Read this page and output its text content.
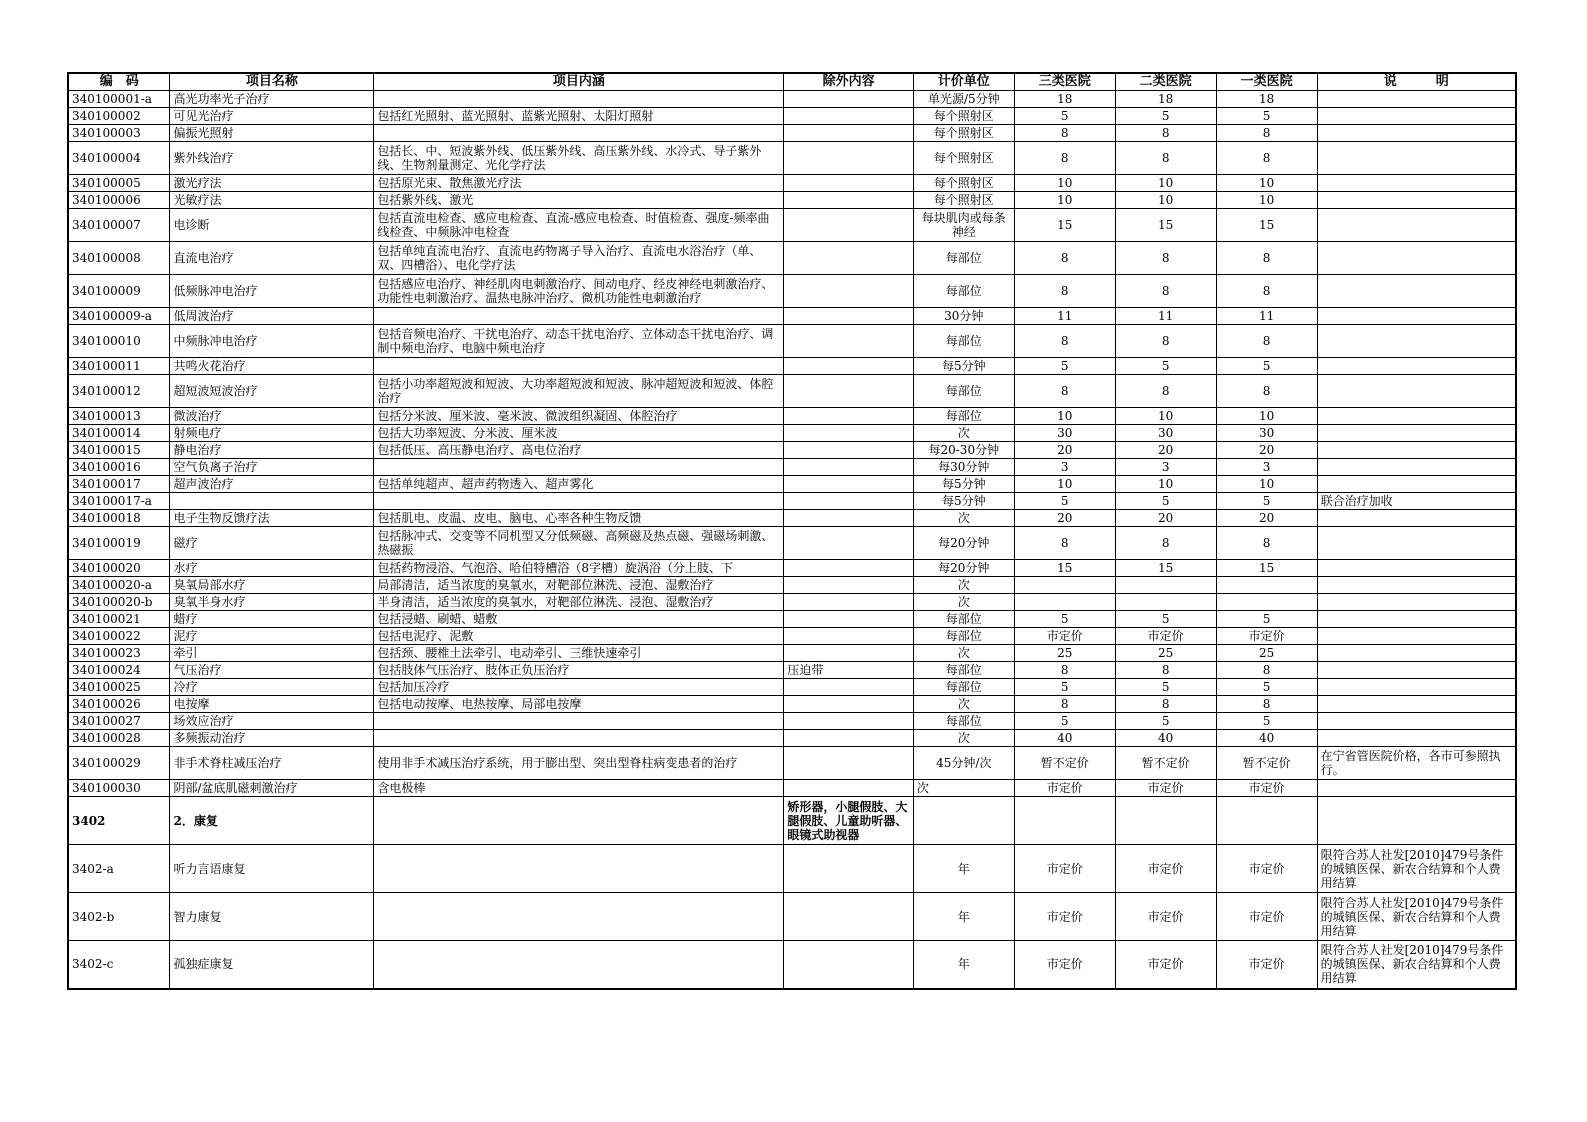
编　码	项目名称	项目内涵	除外内容	计价单位	三类医院	二类医院	一类医院	说　　　明
340100001-a	高光功率光子治疗			单光源/5分钟	18	18	18	
340100002	可见光治疗	包括红光照射、蓝光照射、蓝紫光照射、太阳灯照射		每个照射区	5	5	5	
340100003	偏振光照射			每个照射区	8	8	8	
340100004	紫外线治疗	包括长、中、短波紫外线、低压紫外线、高压紫外线、水冷式、导子紫外线、生物剂量测定、光化学疗法		每个照射区	8	8	8	
340100005	激光疗法	包括原光束、散焦激光疗法		每个照射区	10	10	10	
340100006	光敏疗法	包括紫外线、激光		每个照射区	10	10	10	
340100007	电诊断	包括直流电检查、感应电检查、直流-感应电检查、时值检查、强度-频率曲线检查、中频脉冲电检查		每块肌肉或每条神经	15	15	15	
340100008	直流电治疗	包括单纯直流电治疗、直流电药物离子导入治疗、直流电水浴治疗（单、双、四槽浴）、电化学疗法		每部位	8	8	8	
340100009	低频脉冲电治疗	包括感应电治疗、神经肌肉电刺激治疗、间动电疗、经皮神经电刺激治疗、功能性电刺激治疗、温热电脉冲治疗、微机功能性电刺激治疗		每部位	8	8	8	
340100009-a	低周波治疗			30分钟	11	11	11	
340100010	中频脉冲电治疗	包括音频电治疗、干扰电治疗、动态干扰电治疗、立体动态干扰电治疗、调制中频电治疗、电脑中频电治疗		每部位	8	8	8	
340100011	共鸣火花治疗			每5分钟	5	5	5	
340100012	超短波短波治疗	包括小功率超短波和短波、大功率超短波和短波、脉冲超短波和短波、体腔治疗		每部位	8	8	8	
340100013	微波治疗	包括分米波、厘米波、毫米波、微波组织凝固、体腔治疗		每部位	10	10	10	
340100014	射频电疗	包括大功率短波、分米波、厘米波		次	30	30	30	
340100015	静电治疗	包括低压、高压静电治疗、高电位治疗		每20-30分钟	20	20	20	
340100016	空气负离子治疗			每30分钟	3	3	3	
340100017	超声波治疗	包括单纯超声、超声药物透入、超声雾化		每5分钟	10	10	10	
340100017-a				每5分钟	5	5	5	联合治疗加收
340100018	电子生物反馈疗法	包括肌电、皮温、皮电、脑电、心率各种生物反馈		次	20	20	20	
340100019	磁疗	包括脉冲式、交变等不同机型又分低频磁、高频磁及热点磁、强磁场刺激、热磁振		每20分钟	8	8	8	
340100020	水疗	包括药物浸浴、气泡浴、哈伯特槽浴（8字槽）旋涡浴（分上肢、下		每20分钟	15	15	15	
340100020-a	臭氧局部水疗	局部清洁，适当浓度的臭氧水，对靶部位淋洗、浸泡、湿敷治疗		次				
340100020-b	臭氧半身水疗	半身清洁，适当浓度的臭氧水，对靶部位淋洗、浸泡、湿敷治疗		次				
340100021	蜡疗	包括浸蜡、刷蜡、蜡敷		每部位	5	5	5	
340100022	泥疗	包括电泥疗、泥敷		每部位	市定价	市定价	市定价	
340100023	牵引	包括颈、腰椎土法牵引、电动牵引、三维快速牵引		次	25	25	25	
340100024	气压治疗	包括肢体气压治疗、肢体正负压治疗	压迫带	每部位	8	8	8	
340100025	冷疗	包括加压冷疗		每部位	5	5	5	
340100026	电按摩	包括电动按摩、电热按摩、局部电按摩		次	8	8	8	
340100027	场效应治疗			每部位	5	5	5	
340100028	多频振动治疗			次	40	40	40	
340100029	非手术脊柱减压治疗	使用非手术减压治疗系统，用于膨出型、突出型脊柱病变患者的治疗		45分钟/次	暂不定价	暂不定价	暂不定价	在宁省管医院价格，各市可参照执行。
340100030	阴部/盆底肌磁刺激治疗	含电极棒		次	市定价	市定价	市定价	
3402	2．康复		矫形器，小腿假肢、大腿假肢、儿童助听器、眼镜式助视器					
3402-a	听力言语康复			年	市定价	市定价	市定价	限符合苏人社发[2010]479号条件的城镇医保、新农合结算和个人费用结算
3402-b	智力康复			年	市定价	市定价	市定价	限符合苏人社发[2010]479号条件的城镇医保、新农合结算和个人费用结算
3402-c	孤独症康复			年	市定价	市定价	市定价	限符合苏人社发[2010]479号条件的城镇医保、新农合结算和个人费用结算
